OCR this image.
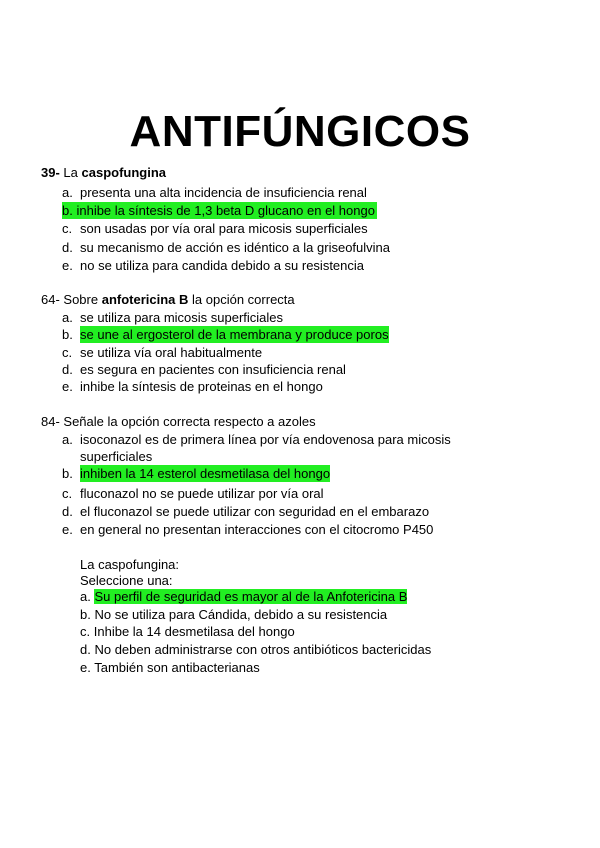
ANTIFÚNGICOS
39- La caspofungina
a. presenta una alta incidencia de insuficiencia renal
b. inhibe la síntesis de 1,3 beta D glucano en el hongo
c. son usadas por vía oral para micosis superficiales
d. su mecanismo de acción es idéntico a la griseofulvina
e. no se utiliza para candida debido a su resistencia
64- Sobre anfotericina B la opción correcta
a. se utiliza para micosis superficiales
b. se une al ergosterol de la membrana y produce poros
c. se utiliza vía oral habitualmente
d. es segura en pacientes con insuficiencia renal
e. inhibe la síntesis de proteinas en el hongo
84- Señale la opción correcta respecto a azoles
a. isoconazol es de primera línea por vía endovenosa para micosis
superficiales
b. inhiben la 14 esterol desmetilasa del hongo
c. fluconazol no se puede utilizar por vía oral
d. el fluconazol se puede utilizar con seguridad en el embarazo
e. en general no presentan interacciones con el citocromo P450
La caspofungina:
Seleccione una:
a. Su perfil de seguridad es mayor al de la Anfotericina B
b. No se utiliza para Cándida, debido a su resistencia
c. Inhibe la 14 desmetilasa del hongo
d. No deben administrarse con otros antibióticos bactericidas
e. También son antibacterianas
